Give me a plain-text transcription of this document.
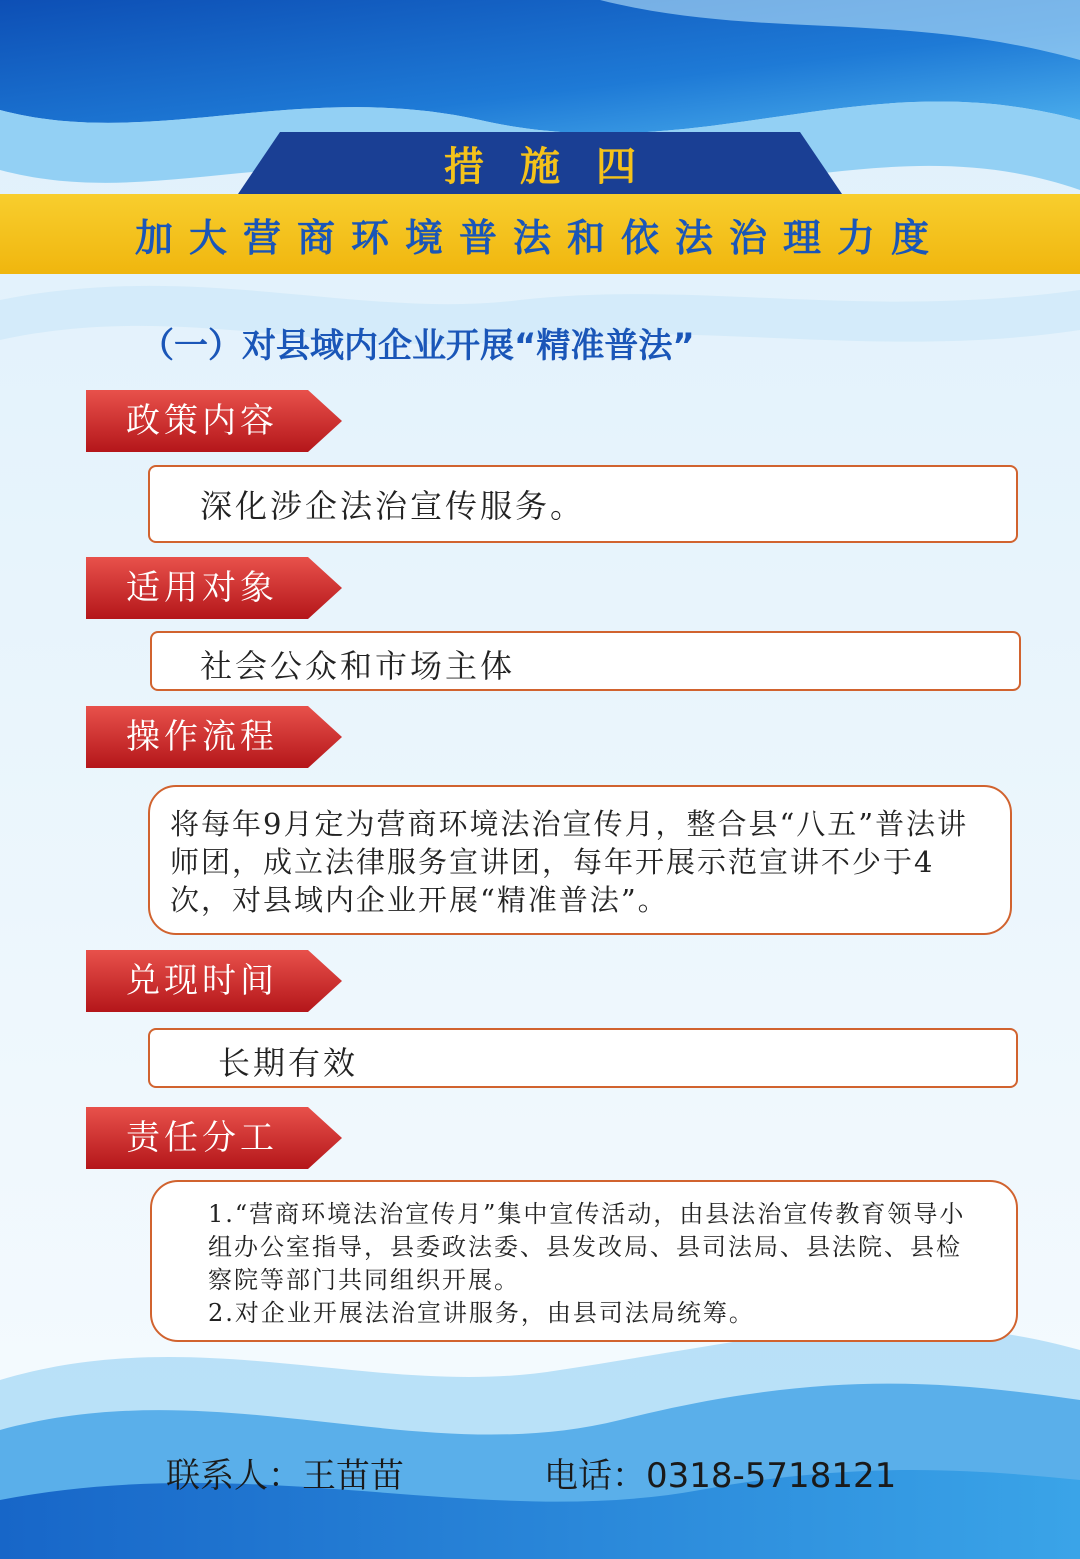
措施四
加大营商环境普法和依法治理力度
（一）对县域内企业开展“精准普法”
政策内容
深化涉企法治宣传服务。
适用对象
社会公众和市场主体
操作流程
将每年9月定为营商环境法治宣传月，整合县“八五”普法讲师团，成立法律服务宣讲团，每年开展示范宣讲不少于4次，对县域内企业开展“精准普法”。
兑现时间
长期有效
责任分工
1.“营商环境法治宣传月”集中宣传活动，由县法治宣传教育领导小组办公室指导，县委政法委、县发改局、县司法局、县法院、县检察院等部门共同组织开展。
2.对企业开展法治宣讲服务，由县司法局统筹。
联系人：王苗苗	电话：0318-5718121
